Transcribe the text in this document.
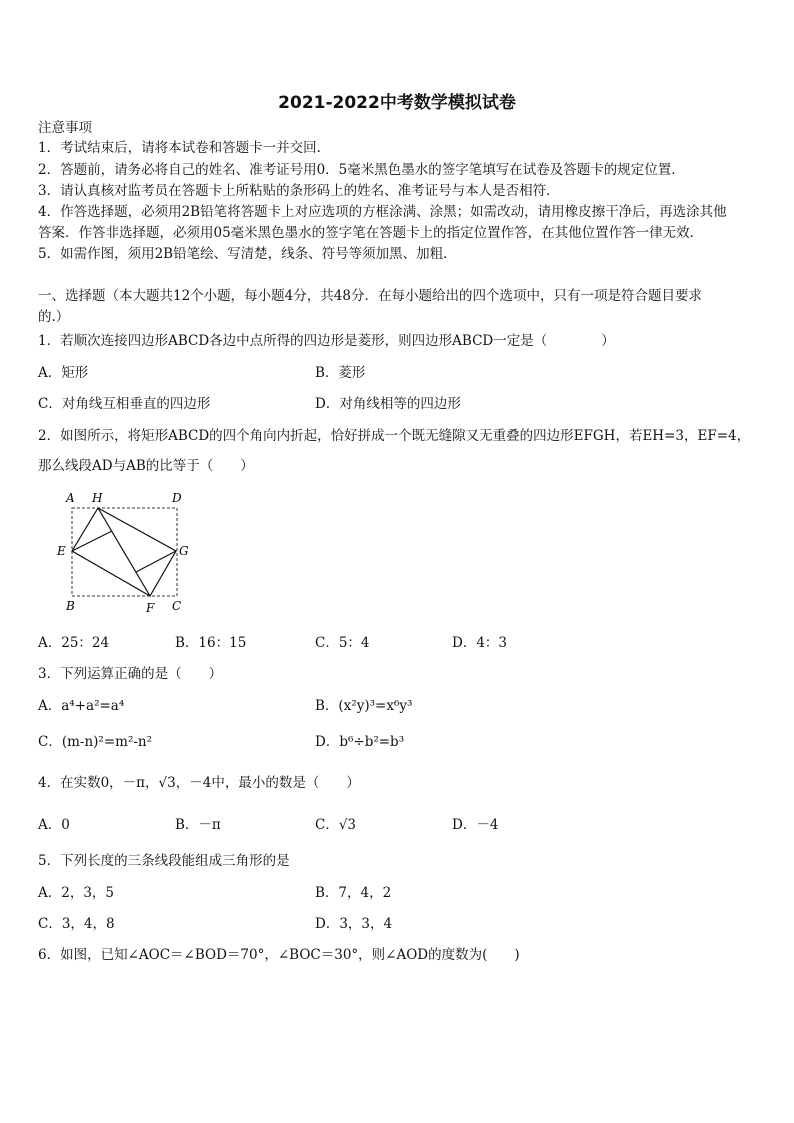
2021-2022中考数学模拟试卷
注意事项
1．考试结束后，请将本试卷和答题卡一并交回．
2．答题前，请务必将自己的姓名、准考证号用0．5毫米黑色墨水的签字笔填写在试卷及答题卡的规定位置．
3．请认真核对监考员在答题卡上所粘贴的条形码上的姓名、准考证号与本人是否相符．
4．作答选择题，必须用2B铅笔将答题卡上对应选项的方框涂满、涂黑；如需改动，请用橡皮擦干净后，再选涂其他
答案．作答非选择题，必须用05毫米黑色墨水的签字笔在答题卡上的指定位置作答，在其他位置作答一律无效．
5．如需作图，须用2B铅笔绘、写清楚，线条、符号等须加黑、加粗．
一、选择题（本大题共12个小题，每小题4分，共48分．在每小题给出的四个选项中，只有一项是符合题目要求
的.）
1．若顺次连接四边形ABCD各边中点所得的四边形是菱形，则四边形ABCD一定是（　　　　）
A．矩形	B．菱形
C．对角线互相垂直的四边形	D．对角线相等的四边形
2．如图所示，将矩形ABCD的四个角向内折起，恰好拼成一个既无缝隙又无重叠的四边形EFGH，若EH=3，EF=4，
那么线段AD与AB的比等于（　　）
A H	D
E	G
B	F C
A．25：24	B．16：15	C．5：4	D．4：3
3．下列运算正确的是（　　）
A．a⁴+a²=a⁴	B．(x²y)³=x⁶y³
C．(m-n)²=m²-n²	D．b⁶÷b²=b³
4．在实数0，－π，√3，－4中，最小的数是（　　）
A．0	B．－π	C．√3	D．－4
5．下列长度的三条线段能组成三角形的是
A．2，3，5	B．7，4，2
C．3，4，8	D．3，3，4
6．如图，已知∠AOC＝∠BOD＝70°，∠BOC＝30°，则∠AOD的度数为(　　)
